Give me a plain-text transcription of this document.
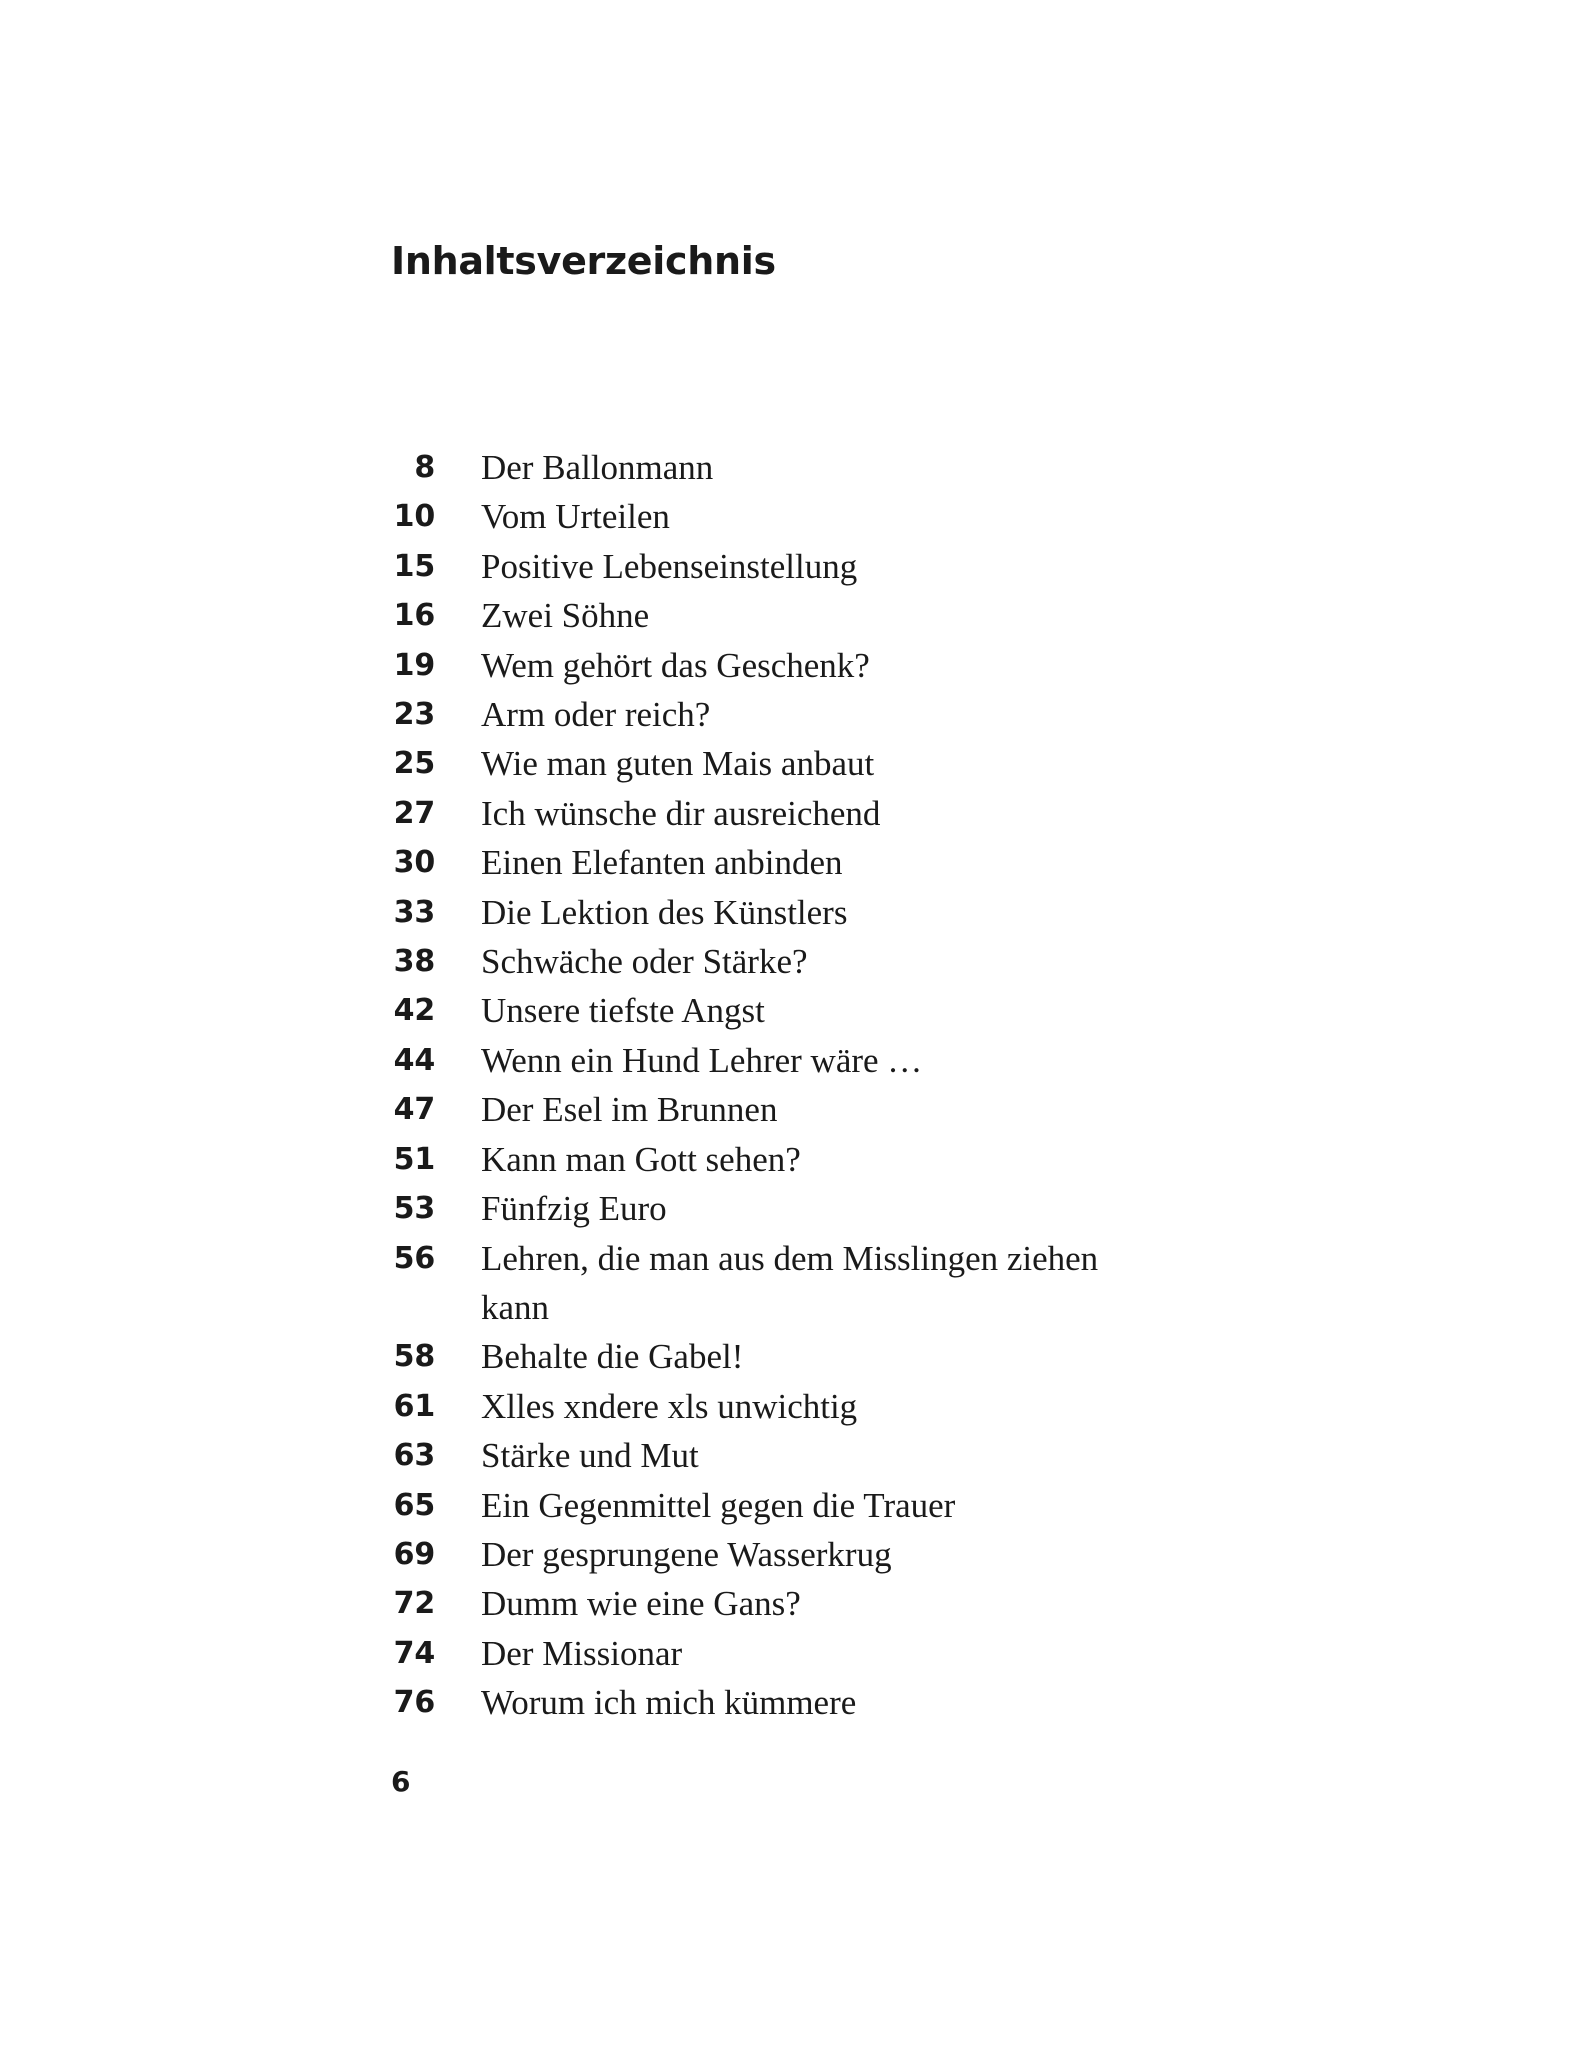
Inhaltsverzeichnis
8 Der Ballonmann
10 Vom Urteilen
15 Positive Lebenseinstellung
16 Zwei Söhne
19 Wem gehört das Geschenk?
23 Arm oder reich?
25 Wie man guten Mais anbaut
27 Ich wünsche dir ausreichend
30 Einen Elefanten anbinden
33 Die Lektion des Künstlers
38 Schwäche oder Stärke?
42 Unsere tiefste Angst
44 Wenn ein Hund Lehrer wäre …
47 Der Esel im Brunnen
51 Kann man Gott sehen?
53 Fünfzig Euro
56 Lehren, die man aus dem Misslingen ziehen kann
58 Behalte die Gabel!
61 Xlles xndere xls unwichtig
63 Stärke und Mut
65 Ein Gegenmittel gegen die Trauer
69 Der gesprungene Wasserkrug
72 Dumm wie eine Gans?
74 Der Missionar
76 Worum ich mich kümmere
6
